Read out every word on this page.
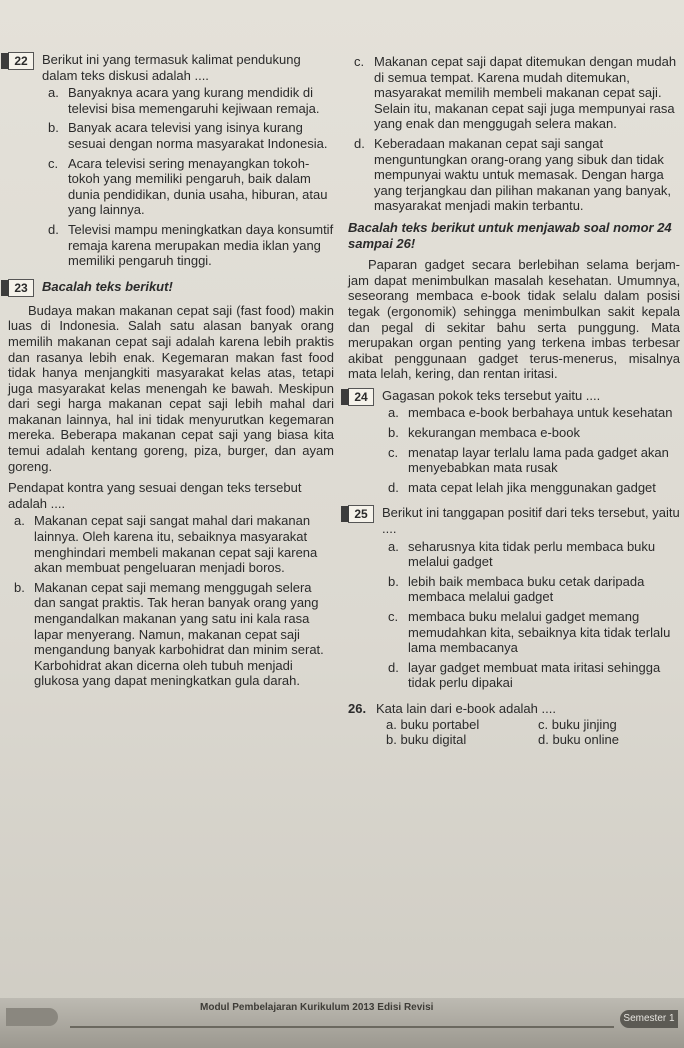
22	Berikut ini yang termasuk kalimat pendukung dalam teks diskusi adalah ....
a. Banyaknya acara yang kurang mendidik di televisi bisa memengaruhi kejiwaan remaja.
b. Banyak acara televisi yang isinya kurang sesuai dengan norma masyarakat Indonesia.
c. Acara televisi sering menayangkan tokoh-tokoh yang memiliki pengaruh, baik dalam dunia pendidikan, dunia usaha, hiburan, atau yang lainnya.
d. Televisi mampu meningkatkan daya konsumtif remaja karena merupakan media iklan yang memiliki pengaruh tinggi.
23	Bacalah teks berikut!
Budaya makan makanan cepat saji (fast food) makin luas di Indonesia. Salah satu alasan banyak orang memilih makanan cepat saji adalah karena lebih praktis dan rasanya lebih enak. Kegemaran makan fast food tidak hanya menjangkiti masyarakat kelas atas, tetapi juga masyarakat kelas menengah ke bawah. Meskipun dari segi harga makanan cepat saji lebih mahal dari makanan lainnya, hal ini tidak menyurutkan kegemaran mereka. Beberapa makanan cepat saji yang biasa kita temui adalah kentang goreng, piza, burger, dan ayam goreng.
Pendapat kontra yang sesuai dengan teks tersebut adalah ....
a. Makanan cepat saji sangat mahal dari makanan lainnya. Oleh karena itu, sebaiknya masyarakat menghindari membeli makanan cepat saji karena akan membuat pengeluaran menjadi boros.
b. Makanan cepat saji memang menggugah selera dan sangat praktis. Tak heran banyak orang yang mengandalkan makanan yang satu ini kala rasa lapar menyerang. Namun, makanan cepat saji mengandung banyak karbohidrat dan minim serat. Karbohidrat akan dicerna oleh tubuh menjadi glukosa yang dapat meningkatkan gula darah.
c. Makanan cepat saji dapat ditemukan dengan mudah di semua tempat. Karena mudah ditemukan, masyarakat memilih membeli makanan cepat saji. Selain itu, makanan cepat saji juga mempunyai rasa yang enak dan menggugah selera makan.
d. Keberadaan makanan cepat saji sangat menguntungkan orang-orang yang sibuk dan tidak mempunyai waktu untuk memasak. Dengan harga yang terjangkau dan pilihan makanan yang banyak, masyarakat menjadi makin terbantu.
Bacalah teks berikut untuk menjawab soal nomor 24 sampai 26!
Paparan gadget secara berlebihan selama berjam-jam dapat menimbulkan masalah kesehatan. Umumnya, seseorang membaca e-book tidak selalu dalam posisi tegak (ergonomik) sehingga menimbulkan sakit kepala dan pegal di sekitar bahu serta punggung. Mata merupakan organ penting yang terkena imbas terbesar akibat penggunaan gadget terus-menerus, misalnya mata lelah, kering, dan rentan iritasi.
24	Gagasan pokok teks tersebut yaitu ....
a. membaca e-book berbahaya untuk kesehatan
b. kekurangan membaca e-book
c. menatap layar terlalu lama pada gadget akan menyebabkan mata rusak
d. mata cepat lelah jika menggunakan gadget
25	Berikut ini tanggapan positif dari teks tersebut, yaitu ....
a. seharusnya kita tidak perlu membaca buku melalui gadget
b. lebih baik membaca buku cetak daripada membaca melalui gadget
c. membaca buku melalui gadget memang memudahkan kita, sebaiknya kita tidak terlalu lama membacanya
d. layar gadget membuat mata iritasi sehingga tidak perlu dipakai
26. Kata lain dari e-book adalah ....
a. buku portabel	c. buku jinjing
b. buku digital	d. buku online
Modul Pembelajaran Kurikulum 2013 Edisi Revisi
Semester 1
